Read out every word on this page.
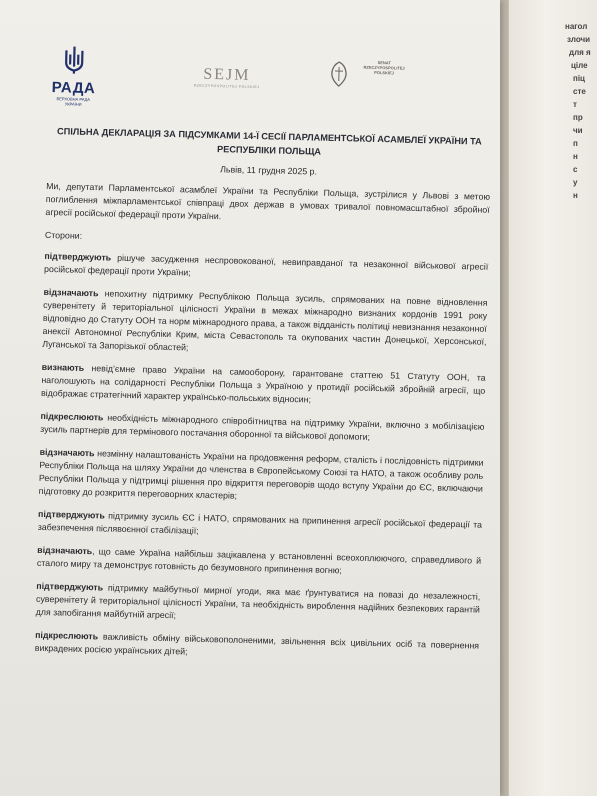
РАДА
ВЕРХОВНА РАДА УКРАЇНИ
SEJM
RZECZYPOSPOLITEJ POLSKIEJ
SENAT
RZECZYPOSPOLITEJ
POLSKIEJ
СПІЛЬНА ДЕКЛАРАЦІЯ ЗА ПІДСУМКАМИ 14-Ї СЕСІЇ ПАРЛАМЕНТСЬКОЇ АСАМБЛЕЇ УКРАЇНИ ТА РЕСПУБЛІКИ ПОЛЬЩА
Львів, 11 грудня 2025 р.

Ми, депутати Парламентської асамблеї України та Республіки Польща, зустрілися у Львові з метою поглиблення міжпарламентської співпраці двох держав в умовах тривалої повномасштабної збройної агресії російської федерації проти України.

Сторони:

підтверджують рішуче засудження неспровокованої, невиправданої та незаконної військової агресії російської федерації проти України;

відзначають непохитну підтримку Республікою Польща зусиль, спрямованих на повне відновлення суверенітету й територіальної цілісності України в межах міжнародно визнаних кордонів 1991 року відповідно до Статуту ООН та норм міжнародного права, а також відданість політиці невизнання незаконної анексії Автономної Республіки Крим, міста Севастополь та окупованих частин Донецької, Херсонської, Луганської та Запорізької областей;

визнають невід’ємне право України на самооборону, гарантоване статтею 51 Статуту ООН, та наголошують на солідарності Республіки Польща з Україною у протидії російській збройній агресії, що відображає стратегічний характер українсько-польських відносин;

підкреслюють необхідність міжнародного співробітництва на підтримку України, включно з мобілізацією зусиль партнерів для термінового постачання оборонної та військової допомоги;

відзначають незмінну налаштованість України на продовження реформ, сталість і послідовність підтримки Республіки Польща на шляху України до членства в Європейському Союзі та НАТО, а також особливу роль Республіки Польща у підтримці рішення про відкриття переговорів щодо вступу України до ЄС, включаючи підготовку до розкриття переговорних кластерів;

підтверджують підтримку зусиль ЄС і НАТО, спрямованих на припинення агресії російської федерації та забезпечення післявоєнної стабілізації;

відзначають, що саме Україна найбільш зацікавлена у встановленні всеохоплюючого, справедливого й сталого миру та демонструє готовність до безумовного припинення вогню;

підтверджують підтримку майбутньої мирної угоди, яка має ґрунтуватися на повазі до незалежності, суверенітету й територіальної цілісності України, та необхідність вироблення надійних безпекових гарантій для запобігання майбутній агресії;

підкреслюють важливість обміну військовополоненими, звільнення всіх цивільних осіб та повернення викрадених росією українських дітей;

нагол
злочи
для я
ціле
піц
сте
т
пр
чи
п
н
с
у
н
